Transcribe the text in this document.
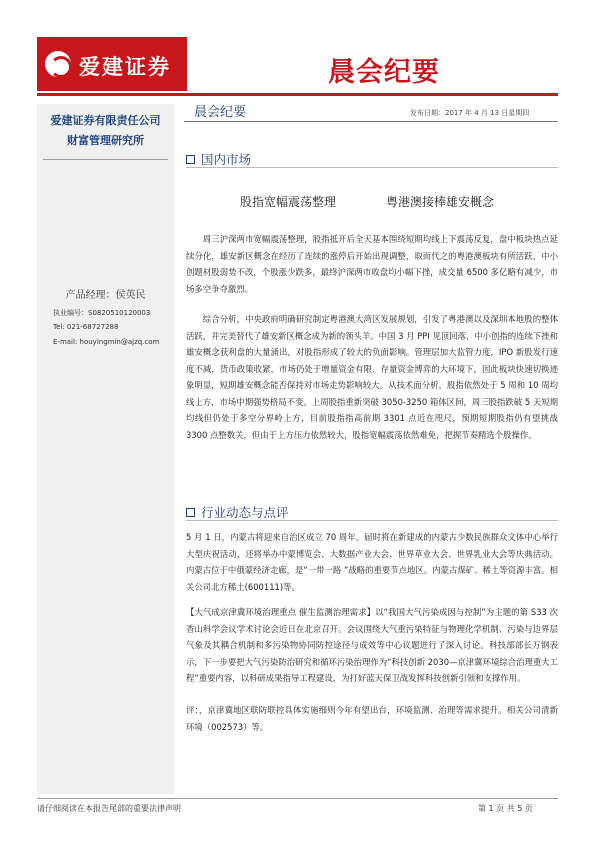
爱建证券	晨会纪要
爱建证券有限责任公司
财富管理研究所
产品经理：侯英民
执业编号：S0820510120003
Tel: 021-68727288
E-mail: houyingmin@ajzq.com
晨会纪要	发布日期：2017 年 4 月 13 日星期四
国内市场
股指宽幅震荡整理	粤港澳接棒雄安概念
周三沪深两市宽幅震荡整理，股指抵开后全天基本围绕短期均线上下震荡反复，盘中板块热点延续分化，雄安新区概念在经历了连续的涨停后开始出现调整，取而代之的粤港澳板块有所活跃，中小创题材股弱势不改，个股涨少跌多，最终沪深两市收盘均小幅下挫，成交量 6500 多亿略有减少，市场多空争夺激烈。
综合分析，中央政府明确研究制定粤港澳大湾区发展规划，引发了粤港澳以及深圳本地股的整体活跃，并完美替代了雄安新区概念成为新的领头羊。中国 3 月 PPI 见顶回落，中小创指的连续下挫和雄安概念获利盘的大量涌出，对股指形成了较大的负面影响。管理层加大监管力度，IPO 新股发行速度不减，货币政策收紧，市场仍处于增量资金有限、存量资金博弈的大环境下，因此板块快速切换迹象明显，短期雄安概念能否保持对市场走势影响较大。从技术面分析，股指依然处于 5 周和 10 周均线上方，市场中期强势格局不变。上周股指重新突破 3050-3250 箱体区间，周三股指跌破 5 天短期均线但仍处于多空分界岭上方，目前股指指高前期 3301 点近在咫尺，预期短期股指仍有望挑战 3300 点整数关，但由于上方压力依然较大，股指宽幅震荡依然难免，把握节奏精选个股操作。
行业动态与点评
5 月 1 日，内蒙古将迎来自治区成立 70 周年，届时将在新建成的内蒙古少数民族群众文体中心举行大型庆祝活动，还将举办中蒙博览会、大数据产业大会、世界草业大会、世界乳业大会等庆典活动。内蒙古位于中俄蒙经济走廊，是“一带一路 ”战略的重要节点地区。内蒙古煤矿、稀土等资源丰富。相关公司北方稀土(600111)等。
【大气成京津冀环境治理重点 催生监测治理需求】以“我国大气污染成因与控制”为主题的第 S33 次香山科学会议学术讨论会近日在北京召开。会议围绕大气重污染特征与物理化学机制、污染与边界层气象及其耦合机制和多污染物协同防控途径与成效等中心议题进行了深入讨论。科技部部长万钢表示，下一步要把大气污染防治研究和循环污染治理作为“科技创新 2030—京津冀环境综合治理重大工程”重要内容，以科研成果指导工程建设，为打好蓝天保卫战发挥科技创新引领和支撑作用。
评：，京津冀地区联防联控具体实施细则今年有望出台，环境监测、治理等需求提升。相关公司清新环境（002573）等。
请仔细阅读在本报告尾部的重要法律声明	第 1 页 共 5 页
